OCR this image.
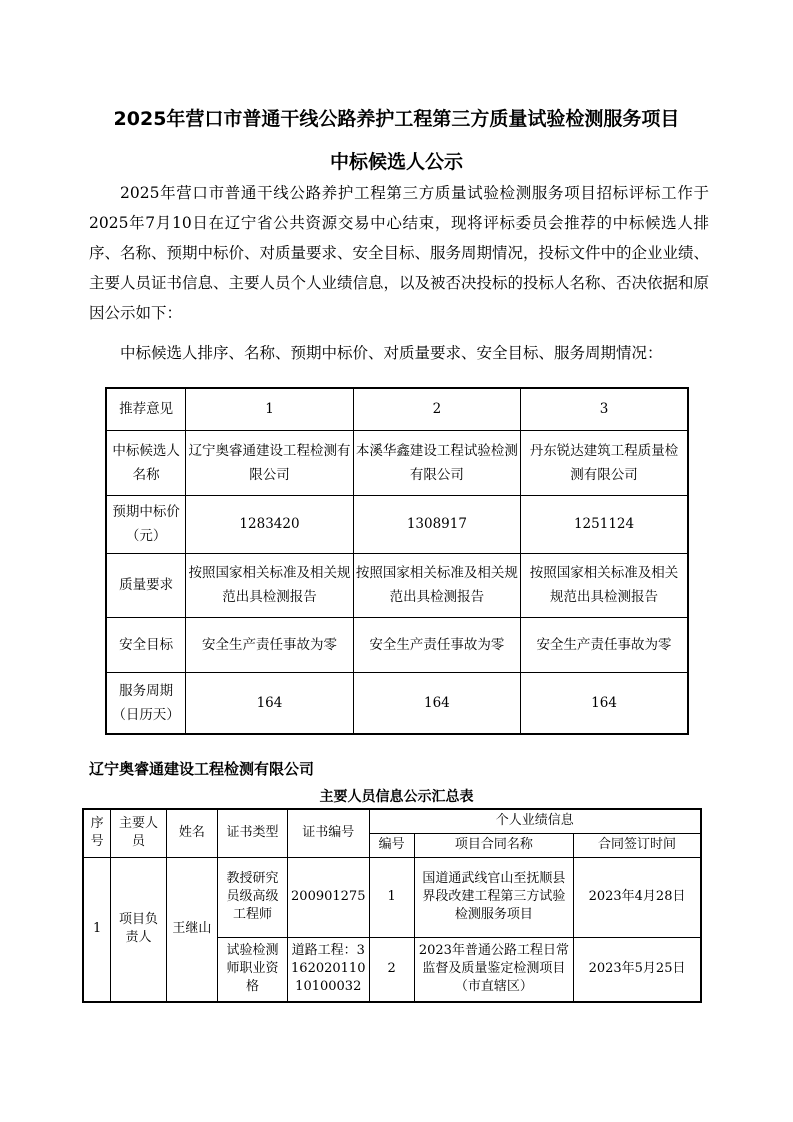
2025年营口市普通干线公路养护工程第三方质量试验检测服务项目
中标候选人公示

2025年营口市普通干线公路养护工程第三方质量试验检测服务项目招标评标工作于2025年7月10日在辽宁省公共资源交易中心结束，现将评标委员会推荐的中标候选人排序、名称、预期中标价、对质量要求、安全目标、服务周期情况，投标文件中的企业业绩、主要人员证书信息、主要人员个人业绩信息，以及被否决投标的投标人名称、否决依据和原因公示如下：

中标候选人排序、名称、预期中标价、对质量要求、安全目标、服务周期情况：

推荐意见	1	2	3
中标候选人名称	辽宁奥睿通建设工程检测有限公司	本溪华鑫建设工程试验检测有限公司	丹东锐达建筑工程质量检测有限公司
预期中标价（元）	1283420	1308917	1251124
质量要求	按照国家相关标准及相关规范出具检测报告	按照国家相关标准及相关规范出具检测报告	按照国家相关标准及相关规范出具检测报告
安全目标	安全生产责任事故为零	安全生产责任事故为零	安全生产责任事故为零
服务周期（日历天）	164	164	164
辽宁奥睿通建设工程检测有限公司
主要人员信息公示汇总表
序号	主要人员	姓名	证书类型	证书编号	个人业绩信息		
					编号	项目合同名称	合同签订时间
1	项目负责人	王继山	教授研究员级高级工程师	200901275	1	国道通武线官山至抚顺县界段改建工程第三方试验检测服务项目	2023年4月28日
			试验检测师职业资格	道路工程：316202011010100032	2	2023年普通公路工程日常监督及质量鉴定检测项目（市直辖区）	2023年5月25日
